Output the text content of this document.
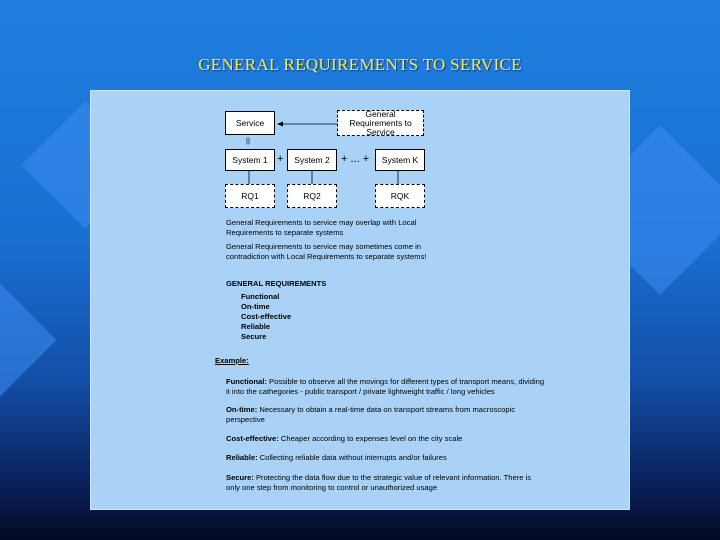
GENERAL REQUIREMENTS TO SERVICE
Service
||
General Requirements to Service
System 1 +	System 2	+ ... +	System K
RQ1	RQ2	RQK
General Requirements to service may overlap with Local Requirements to separate systems
General Requirements to service may sometimes come in contradiction with Local Requirements to separate systems!
GENERAL REQUIREMENTS
Functional
On-time
Cost-effective
Reliable
Secure
Example:
Functional: Possible to observe all the movings for different types of transport means, dividing it into the cathegories - public transport / private lightweight traffic / long vehicles
On-time: Necessary to obtain a real-time data on transport streams from macroscopic perspective
Cost-effective: Cheaper according to expenses level on the city scale
Reliable: Collecting reliable data without interrupts and/or failures
Secure: Protecting the data flow due to the strategic value of relevant information. There is only one step from monitoring to control or unauthorized usage
